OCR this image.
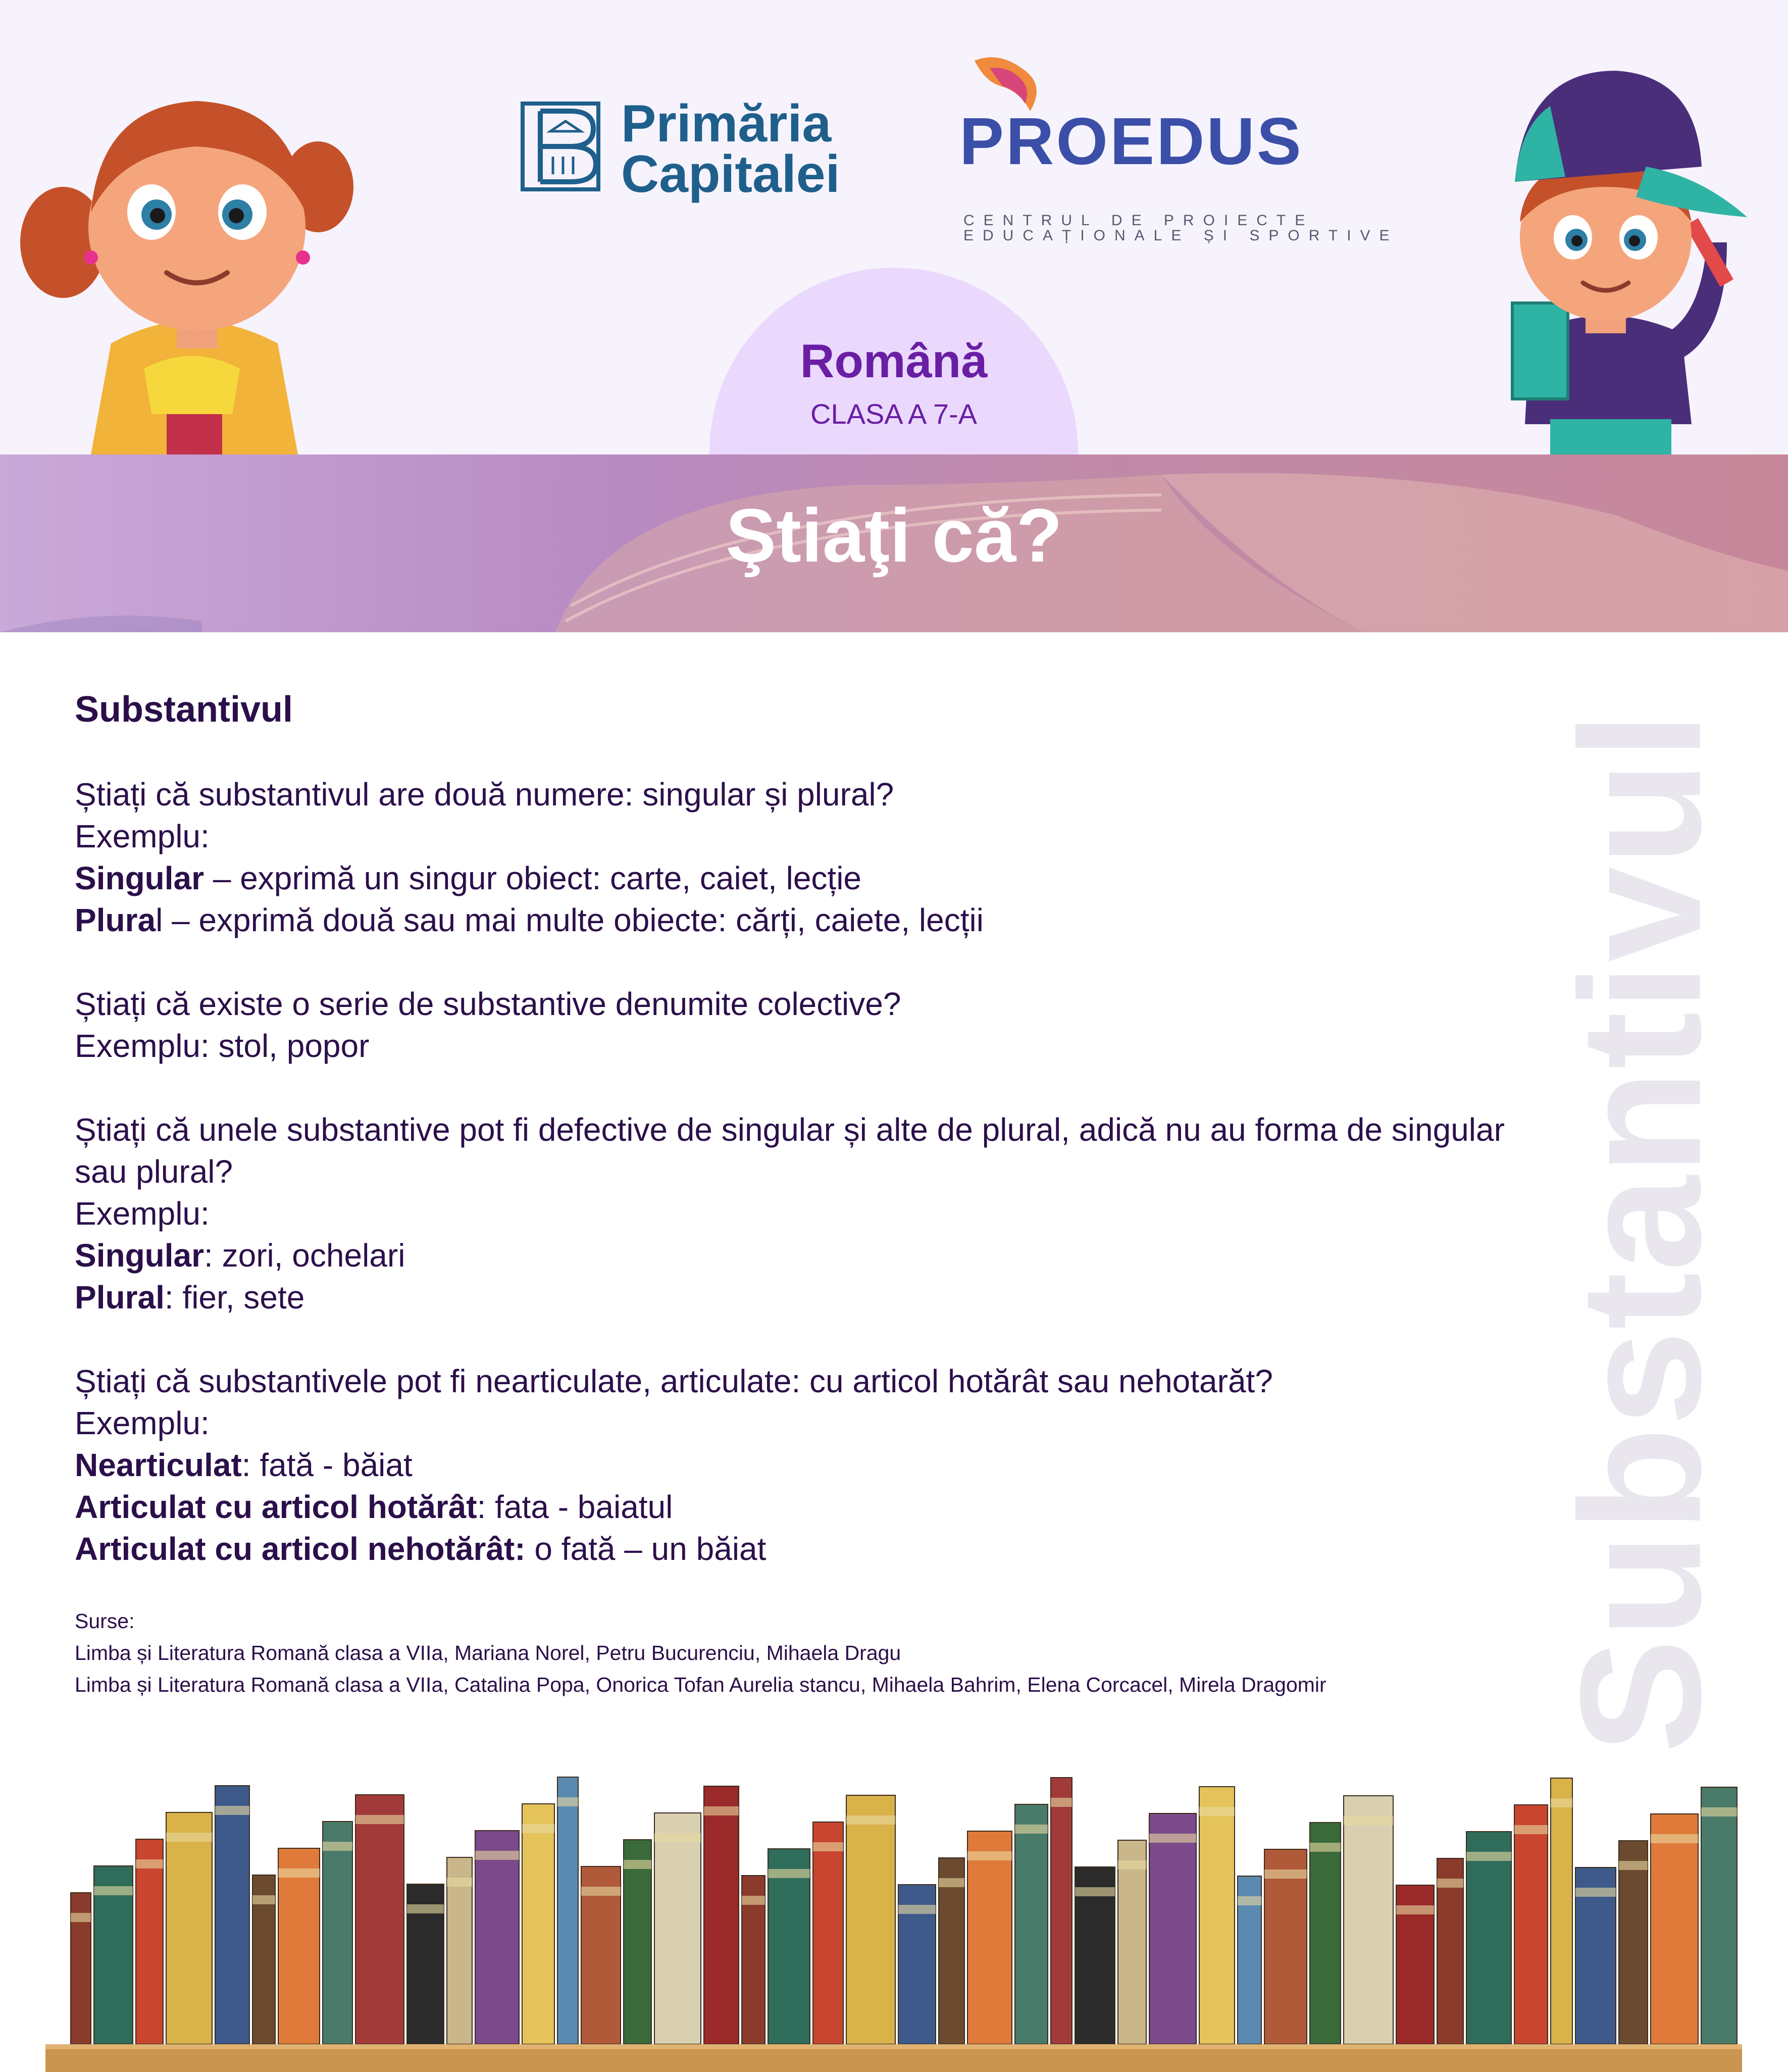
Primăria
Capitalei PROEDUS
CENTRUL DE PROIECTE
EDUCAȚIONALE ȘI SPORTIVE
Română
CLASA A 7-A
Ştiaţi că?
Substantivul
Știați că substantivul are două numere: singular și plural?
Exemplu:
Singular – exprimă un singur obiect: carte, caiet, lecție
Plural – exprimă două sau mai multe obiecte: cărți, caiete, lecții
Știați că existe o serie de substantive denumite colective?
Exemplu: stol, popor
Știați că unele substantive pot fi defective de singular și alte de plural, adică nu au forma de singular sau plural?
Exemplu:
Singular: zori, ochelari
Plural: fier, sete
Știați că substantivele pot fi nearticulate, articulate: cu articol hotărât sau nehotarăt?
Exemplu:
Nearticulat: fată - băiat
Articulat cu articol hotărât: fata - baiatul
Articulat cu articol nehotărât: o fată – un băiat
Surse:
Limba și Literatura Romană clasa a VIIa, Mariana Norel, Petru Bucurenciu, Mihaela Dragu
Limba și Literatura Romană clasa a VIIa, Catalina Popa, Onorica Tofan Aurelia stancu, Mihaela Bahrim, Elena Corcacel, Mirela Dragomir	Substantivul
